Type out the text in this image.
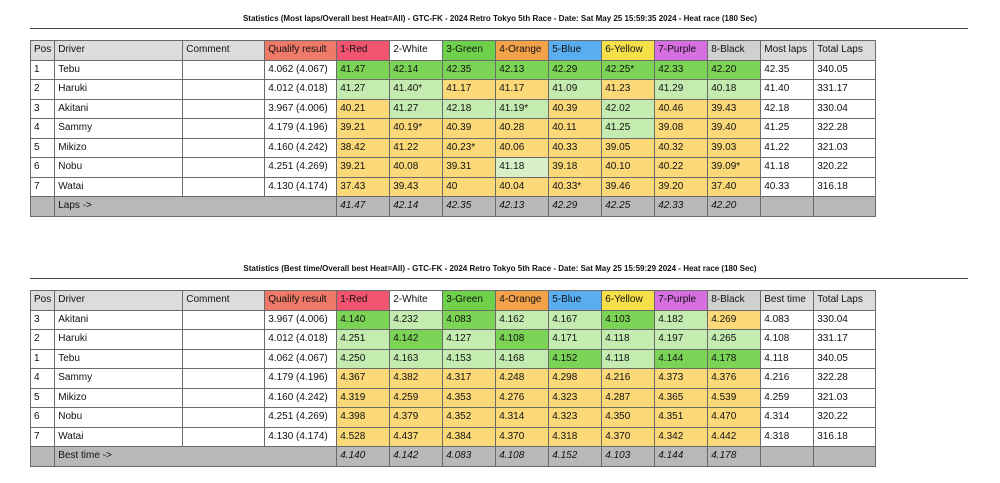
Statistics (Most laps/Overall best Heat=All) - GTC-FK - 2024 Retro Tokyo 5th Race - Date: Sat May 25 15:59:35 2024 - Heat race (180 Sec)
Pos	Driver	Comment	Qualify result	1-Red	2-White	3-Green	4-Orange	5-Blue	6-Yellow	7-Purple	8-Black	Most laps	Total Laps
1	Tebu		4.062 (4.067)	41.47	42.14	42.35	42.13	42.29	42.25*	42.33	42.20	42.35	340.05
2	Haruki		4.012 (4.018)	41.27	41.40*	41.17	41.17	41.09	41.23	41.29	40.18	41.40	331.17
3	Akitani		3.967 (4.006)	40.21	41.27	42.18	41.19*	40.39	42.02	40.46	39.43	42.18	330.04
4	Sammy		4.179 (4.196)	39.21	40.19*	40.39	40.28	40.11	41.25	39.08	39.40	41.25	322.28
5	Mikizo		4.160 (4.242)	38.42	41.22	40.23*	40.06	40.33	39.05	40.32	39.03	41.22	321.03
6	Nobu		4.251 (4.269)	39.21	40.08	39.31	41.18	39.18	40.10	40.22	39.09*	41.18	320.22
7	Watai		4.130 (4.174)	37.43	39.43	40	40.04	40.33*	39.46	39.20	37.40	40.33	316.18
	Laps ->			41.47	42.14	42.35	42.13	42.29	42.25	42.33	42.20		
Statistics (Best time/Overall best Heat=All) - GTC-FK - 2024 Retro Tokyo 5th Race - Date: Sat May 25 15:59:29 2024 - Heat race (180 Sec)
Pos	Driver	Comment	Qualify result	1-Red	2-White	3-Green	4-Orange	5-Blue	6-Yellow	7-Purple	8-Black	Best time	Total Laps
3	Akitani		3.967 (4.006)	4.140	4.232	4.083	4.162	4.167	4.103	4.182	4.269	4.083	330.04
2	Haruki		4.012 (4.018)	4.251	4.142	4.127	4.108	4.171	4.118	4.197	4.265	4.108	331.17
1	Tebu		4.062 (4.067)	4.250	4.163	4.153	4.168	4.152	4.118	4.144	4.178	4.118	340.05
4	Sammy		4.179 (4.196)	4.367	4.382	4.317	4.248	4.298	4.216	4.373	4.376	4.216	322.28
5	Mikizo		4.160 (4.242)	4.319	4.259	4.353	4.276	4.323	4.287	4.365	4.539	4.259	321.03
6	Nobu		4.251 (4.269)	4.398	4.379	4.352	4.314	4.323	4.350	4.351	4.470	4.314	320.22
7	Watai		4.130 (4.174)	4.528	4.437	4.384	4.370	4.318	4.370	4.342	4.442	4.318	316.18
	Best time ->			4.140	4.142	4.083	4.108	4.152	4.103	4.144	4.178		
